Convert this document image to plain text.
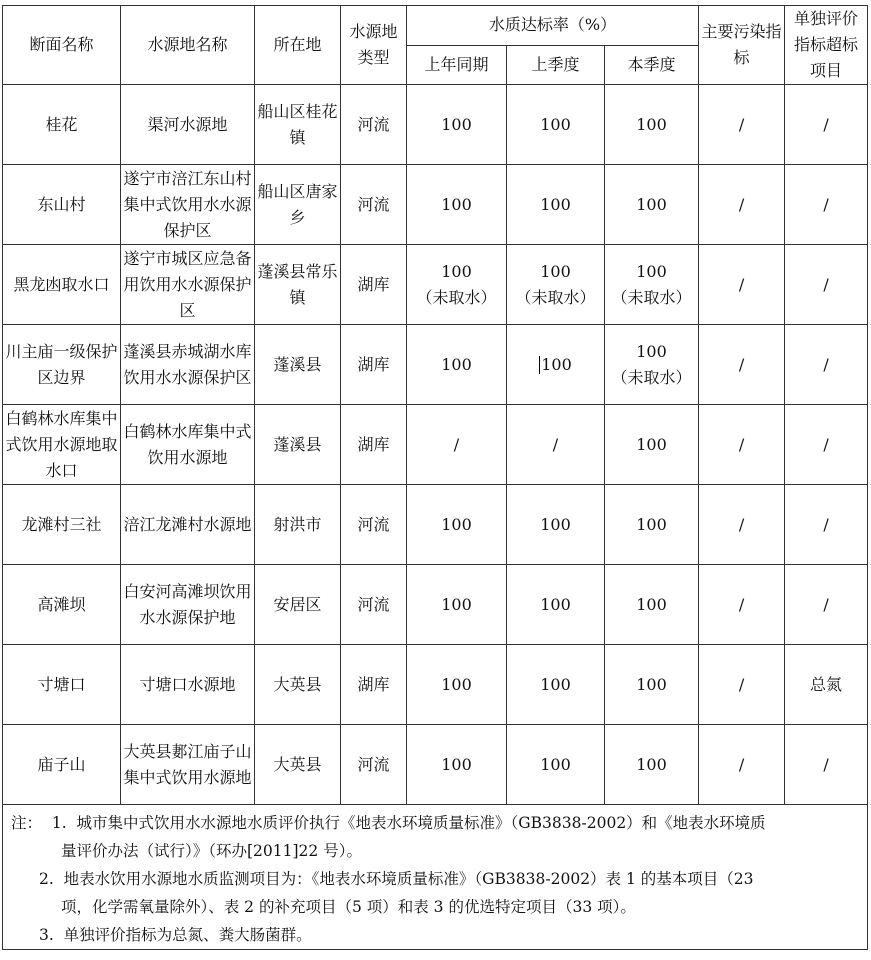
断面名称	水源地名称	所在地	水源地类型	水质达标率（%）			主要污染指标	单独评价指标超标项目
				上年同期	上季度	本季度		
桂花	渠河水源地	船山区桂花镇	河流	100	100	100	/	/
东山村	遂宁市涪江东山村集中式饮用水水源保护区	船山区唐家乡	河流	100	100	100	/	/
黑龙凼取水口	遂宁市城区应急备用饮用水水源保护区	蓬溪县常乐镇	湖库	100
（未取水）	100
（未取水）	100
（未取水）	/	/
川主庙一级保护区边界	蓬溪县赤城湖水库饮用水水源保护区	蓬溪县	湖库	100	100	100
（未取水）	/	/
白鹤林水库集中式饮用水源地取水口	白鹤林水库集中式饮用水源地	蓬溪县	湖库	/	/	100	/	/
龙滩村三社	涪江龙滩村水源地	射洪市	河流	100	100	100	/	/
高滩坝	白安河高滩坝饮用水水源保护地	安居区	河流	100	100	100	/	/
寸塘口	寸塘口水源地	大英县	湖库	100	100	100	/	总氮
庙子山	大英县郪江庙子山集中式饮用水源地	大英县	河流	100	100	100	/	/

注： 1. 城市集中式饮用水水源地水质评价执行《地表水环境质量标准》（GB3838-2002）和《地表水环境质
量评价办法（试行）》（环办[2011]22 号）。
2. 地表水饮用水源地水质监测项目为：《地表水环境质量标准》（GB3838-2002）表 1 的基本项目（23
项，化学需氧量除外）、表 2 的补充项目（5 项）和表 3 的优选特定项目（33 项）。
3. 单独评价指标为总氮、粪大肠菌群。								
